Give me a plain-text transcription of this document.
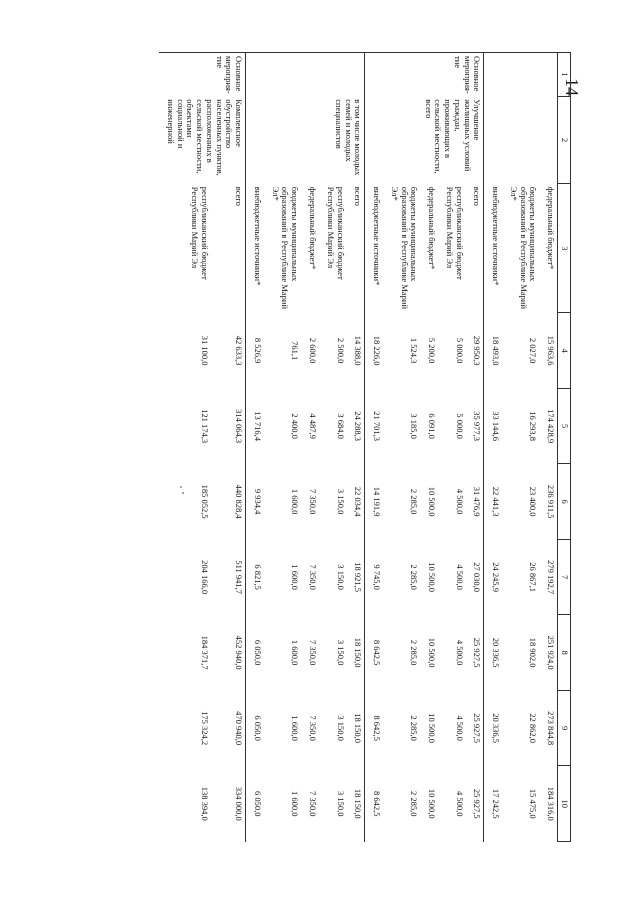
14
1	2	3	4	5	6	7	8	9	10
		федеральный бюджет*	15 963,6	174 428,9	236 911,5	279 192,7	251 924,0	273 844,8	184 316,0
		бюджеты муниципальных образований в Республике Марий Эл*	2 027,0	16 293,8	23 400,0	26 867,1	18 902,0	22 862,0	15 475,0
		внебюджетные источники*	18 493,0	33 144,6	22 441,3	24 245,9	20 336,5	20 336,5	17 242,5
Основное мероприя-тие	Улучшение жилищных условий граждан, проживающих в сельской местности, всего	всего	29 950,3	35 977,3	31 476,9	27 030,0	25 927,5	25 927,5	25 927,5
		республиканский бюджет Республики Марий Эл	5 000,0	5 000,0	4 500,0	4 500,0	4 500,0	4 500,0	4 500,0
		федеральный бюджет*	5 200,0	6 091,0	10 500,0	10 500,0	10 500,0	10 500,0	10 500,0
		бюджеты муниципальных образований в Республике Марий Эл*	1 524,3	3 185,0	2 285,0	2 285,0	2 285,0	2 285,0	2 285,0
		внебюджетные источники*	18 226,0	21 701,3	14 191,9	9 745,0	8 642,5	8 642,5	8 642,5
	в том числе молодых семей и молодых специалистов	всего	14 388,0	24 288,3	22 034,4	18 921,5	18 150,0	18 150,0	18 150,0
		республиканский бюджет Республики Марий Эл	2 500,0	3 684,0	3 150,0	3 150,0	3 150,0	3 150,0	3 150,0
		федеральный бюджет*	2 600,0	4 487,9	7 350,0	7 350,0	7 350,0	7 350,0	7 350,0
		бюджеты муниципальных образований в Республике Марий Эл*	761,1	2 400,0	1 600,0	1 600,0	1 600,0	1 600,0	1 600,0
		внебюджетные источники*	8 526,9	13 716,4	9 934,4	6 821,5	6 050,0	6 050,0	6 050,0
Основное мероприя-тие	Комплексное обустройство населенных пунктов, расположенных в сельской местности, объектами социальной и инженерной	всего	42 633,3	314 064,3	440 828,4	511 941,7	452 940,0	470 940,0	334 000,0
		республиканский бюджет Республики Марий Эл	31 100,0	121 174,3	185 052,5	204 166,0	184 371,7	175 324,2	138 394,0
